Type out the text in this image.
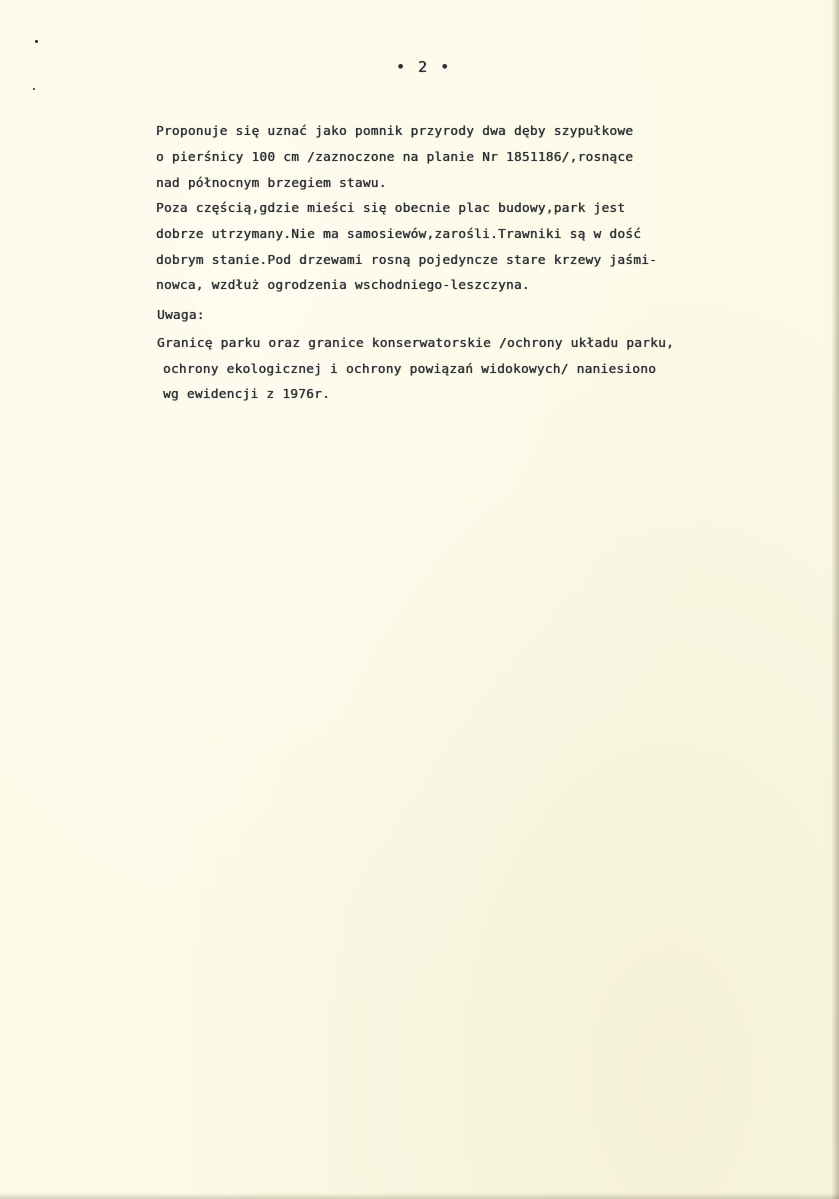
• 2 •
Proponuje się uznać jako pomnik przyrody dwa dęby szypułkowe
o pierśnicy 100 cm /zaznoczone na planie Nr 1851186/,rosnące
nad północnym brzegiem stawu.
Poza częścią,gdzie mieści się obecnie plac budowy,park jest
dobrze utrzymany.Nie ma samosiewów,zarośli.Trawniki są w dość
dobrym stanie.Pod drzewami rosną pojedyncze stare krzewy jaśmi-
nowca, wzdłuż ogrodzenia wschodniego-leszczyna.
Uwaga:
Granicę parku oraz granice konserwatorskie /ochrony układu parku,
ochrony ekologicznej i ochrony powiązań widokowych/ naniesiono
wg ewidencji z 1976r.
